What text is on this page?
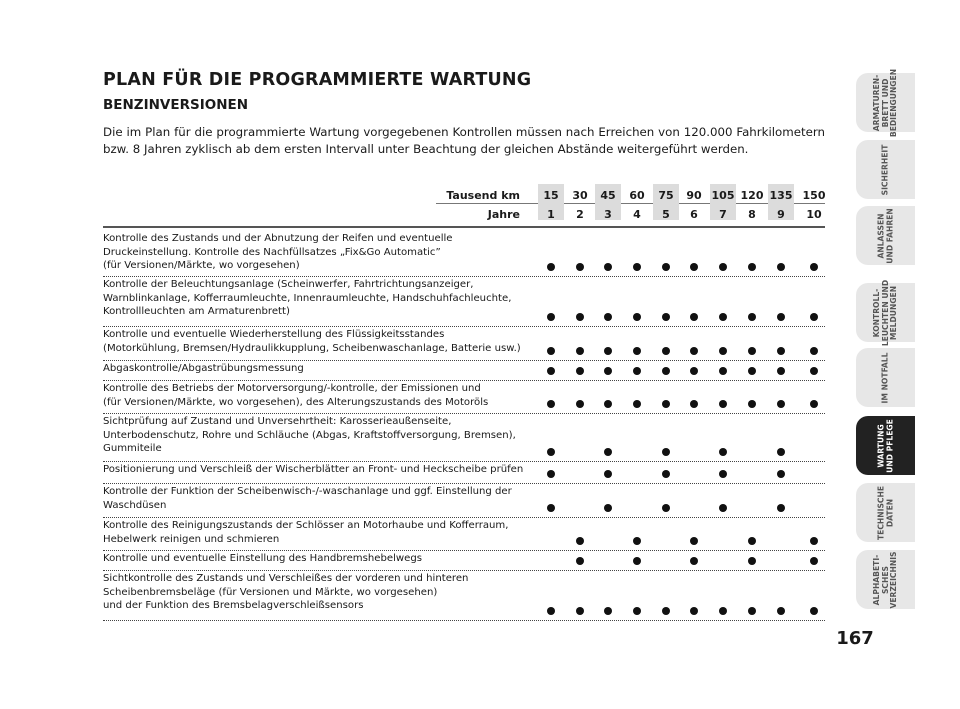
PLAN FÜR DIE PROGRAMMIERTE WARTUNG
BENZINVERSIONEN
Die im Plan für die programmierte Wartung vorgegebenen Kontrollen müssen nach Erreichen von 120.000 Fahrkilometern bzw. 8 Jahren zyklisch ab dem ersten Intervall unter Beachtung der gleichen Abstände weitergeführt werden.
Tausend km
Jahre
15
1
30
2
45
3
60
4
75
5
90
6
105
7
120
8
135
9
150
10
Kontrolle des Zustands und der Abnutzung der Reifen und eventuelle
Druckeinstellung. Kontrolle des Nachfüllsatzes „Fix&Go Automatic”
(für Versionen/Märkte, wo vorgesehen)
Kontrolle der Beleuchtungsanlage (Scheinwerfer, Fahrtrichtungsanzeiger,
Warnblinkanlage, Kofferraumleuchte, Innenraumleuchte, Handschuhfachleuchte,
Kontrollleuchten am Armaturenbrett)
Kontrolle und eventuelle Wiederherstellung des Flüssigkeitsstandes
(Motorkühlung, Bremsen/Hydraulikkupplung, Scheibenwaschanlage, Batterie usw.)
Abgaskontrolle/Abgastrübungsmessung
Kontrolle des Betriebs der Motorversorgung/-kontrolle, der Emissionen und
(für Versionen/Märkte, wo vorgesehen), des Alterungszustands des Motoröls
Sichtprüfung auf Zustand und Unversehrtheit: Karosserieaußenseite,
Unterbodenschutz, Rohre und Schläuche (Abgas, Kraftstoffversorgung, Bremsen),
Gummiteile
Positionierung und Verschleiß der Wischerblätter an Front- und Heckscheibe prüfen
Kontrolle der Funktion der Scheibenwisch-/-waschanlage und ggf. Einstellung der
Waschdüsen
Kontrolle des Reinigungszustands der Schlösser an Motorhaube und Kofferraum,
Hebelwerk reinigen und schmieren
Kontrolle und eventuelle Einstellung des Handbremshebelwegs
Sichtkontrolle des Zustands und Verschleißes der vorderen und hinteren
Scheibenbremsbeläge (für Versionen und Märkte, wo vorgesehen)
und der Funktion des Bremsbelagverschleißsensors
ARMATUREN-
BRETT UND
BEDIENGUNGEN
SICHERHEIT
ANLASSEN
UND FAHREN
KONTROLL-
LEUCHTEN UND
MELDUNGEN
IM NOTFALL
WARTUNG
UND PFLEGE
TECHNISCHE
DATEN
ALPHABETI-
SCHES
VERZEICHNIS
167
